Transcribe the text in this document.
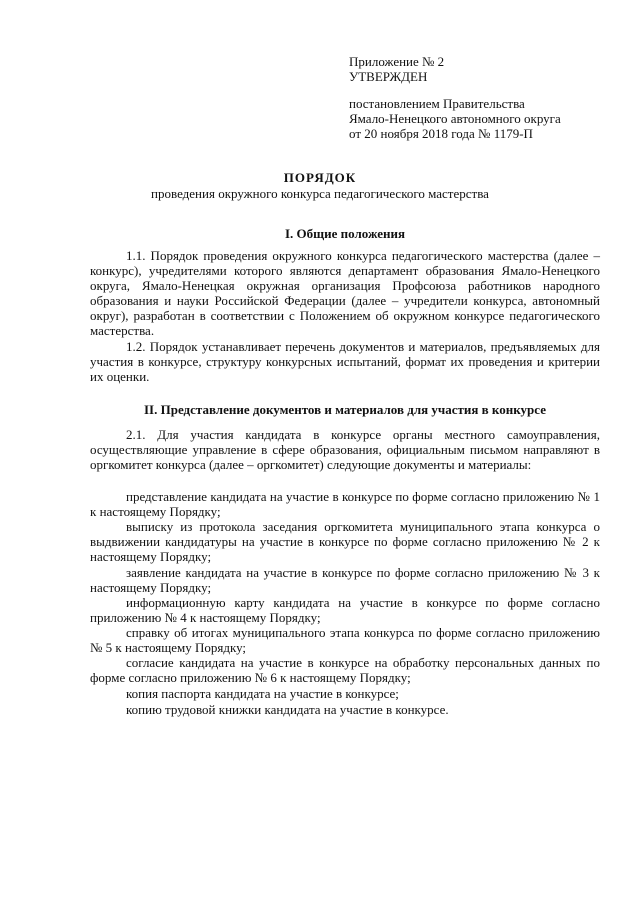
Приложение № 2
УТВЕРЖДЕН
постановлением Правительства
Ямало-Ненецкого автономного округа
от 20 ноября 2018 года № 1179-П
ПОРЯДОК
проведения окружного конкурса педагогического мастерства
I. Общие положения
1.1. Порядок проведения окружного конкурса педагогического мастерства (далее – конкурс), учредителями которого являются департамент образования Ямало-Ненецкого округа, Ямало-Ненецкая окружная организация Профсоюза работников народного образования и науки Российской Федерации (далее – учредители конкурса, автономный округ), разработан в соответствии с Положением об окружном конкурсе педагогического мастерства.
1.2. Порядок устанавливает перечень документов и материалов, предъявляемых для участия в конкурсе, структуру конкурсных испытаний, формат их проведения и критерии их оценки.
II. Представление документов и материалов для участия в конкурсе
2.1. Для участия кандидата в конкурсе органы местного самоуправления, осуществляющие управление в сфере образования, официальным письмом направляют в оргкомитет конкурса (далее – оргкомитет) следующие документы и материалы:
представление кандидата на участие в конкурсе по форме согласно приложению № 1 к настоящему Порядку;
выписку из протокола заседания оргкомитета муниципального этапа конкурса о выдвижении кандидатуры на участие в конкурсе по форме согласно приложению № 2 к настоящему Порядку;
заявление кандидата на участие в конкурсе по форме согласно приложению № 3 к настоящему Порядку;
информационную карту кандидата на участие в конкурсе по форме согласно приложению № 4 к настоящему Порядку;
справку об итогах муниципального этапа конкурса по форме согласно приложению № 5 к настоящему Порядку;
согласие кандидата на участие в конкурсе на обработку персональных данных по форме согласно приложению № 6 к настоящему Порядку;
копия паспорта кандидата на участие в конкурсе;
копию трудовой книжки кандидата на участие в конкурсе.
